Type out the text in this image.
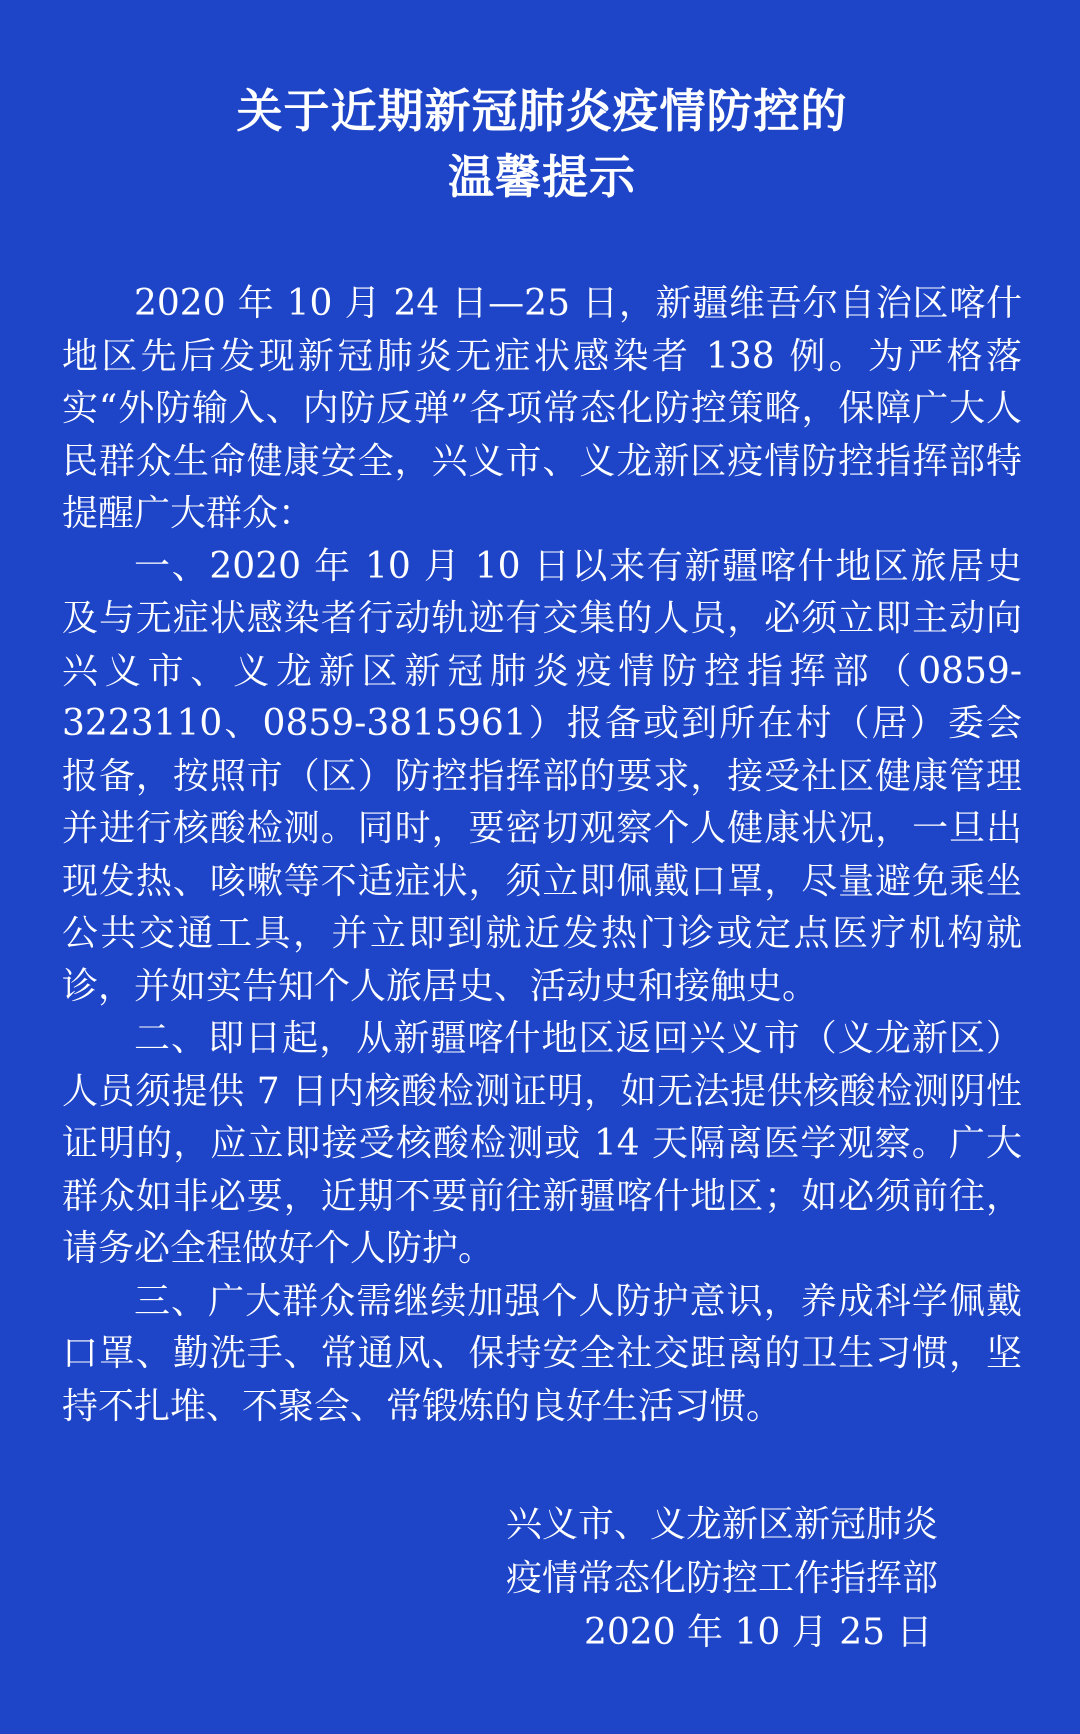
关于近期新冠肺炎疫情防控的
温馨提示

2020 年 10 月 24 日—25 日，新疆维吾尔自治区喀什地区先后发现新冠肺炎无症状感染者 138 例。为严格落实“外防输入、内防反弹”各项常态化防控策略，保障广大人民群众生命健康安全，兴义市、义龙新区疫情防控指挥部特提醒广大群众：

一、2020 年 10 月 10 日以来有新疆喀什地区旅居史及与无症状感染者行动轨迹有交集的人员，必须立即主动向兴义市、义龙新区新冠肺炎疫情防控指挥部（0859-3223110、0859-3815961）报备或到所在村（居）委会报备，按照市（区）防控指挥部的要求，接受社区健康管理并进行核酸检测。同时，要密切观察个人健康状况，一旦出现发热、咳嗽等不适症状，须立即佩戴口罩，尽量避免乘坐公共交通工具，并立即到就近发热门诊或定点医疗机构就诊，并如实告知个人旅居史、活动史和接触史。

二、即日起，从新疆喀什地区返回兴义市（义龙新区）人员须提供 7 日内核酸检测证明，如无法提供核酸检测阴性证明的，应立即接受核酸检测或 14 天隔离医学观察。广大群众如非必要，近期不要前往新疆喀什地区；如必须前往，请务必全程做好个人防护。

三、广大群众需继续加强个人防护意识，养成科学佩戴口罩、勤洗手、常通风、保持安全社交距离的卫生习惯，坚持不扎堆、不聚会、常锻炼的良好生活习惯。

兴义市、义龙新区新冠肺炎
疫情常态化防控工作指挥部
2020 年 10 月 25 日
